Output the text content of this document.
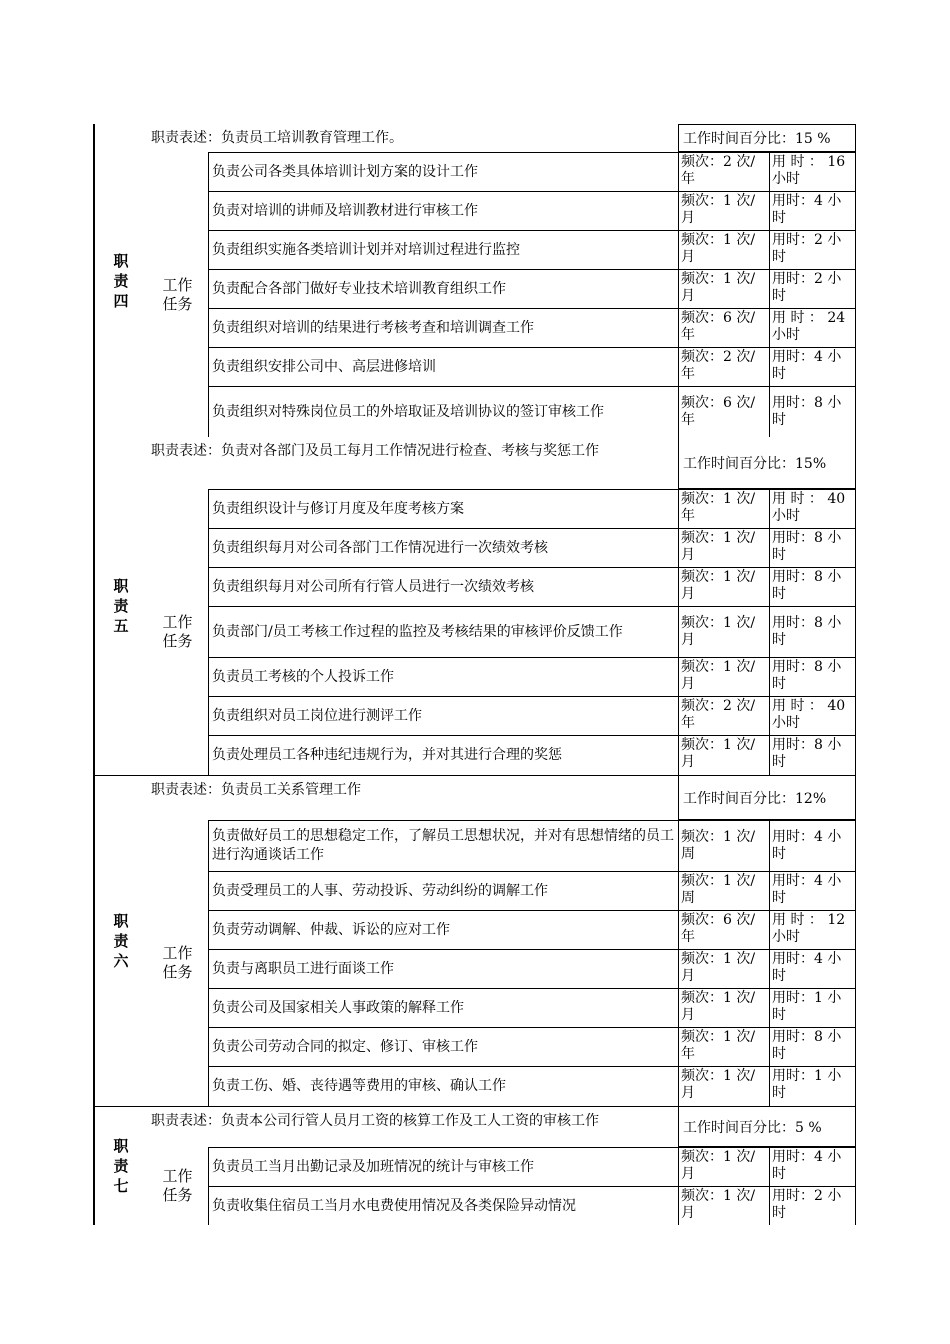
职责四
职责表述：负责员工培训教育管理工作。	工作时间百分比：15 %
工作任务
负责公司各类具体培训计划方案的设计工作
频次：2 次/年
用 时 ： 16 小时
负责对培训的讲师及培训教材进行审核工作
频次：1 次/月
用时：4 小时
负责组织实施各类培训计划并对培训过程进行监控
频次：1 次/月
用时：2 小时
负责配合各部门做好专业技术培训教育组织工作
频次：1 次/月
用时：2 小时
负责组织对培训的结果进行考核考查和培训调查工作
频次：6 次/年
用 时 ： 24 小时
负责组织安排公司中、高层进修培训
频次：2 次/年
用时：4 小时
负责组织对特殊岗位员工的外培取证及培训协议的签订审核工作
频次：6 次/年
用时：8 小时
职责五
职责表述：负责对各部门及员工每月工作情况进行检查、考核与奖惩工作
工作时间百分比：15%
工作任务
负责组织设计与修订月度及年度考核方案
频次：1 次/年
用 时 ： 40 小时
负责组织每月对公司各部门工作情况进行一次绩效考核
频次：1 次/月
用时：8 小时
负责组织每月对公司所有行管人员进行一次绩效考核
频次：1 次/月
用时：8 小时
负责部门/员工考核工作过程的监控及考核结果的审核评价反馈工作
频次：1 次/月
用时：8 小时
负责员工考核的个人投诉工作
频次：1 次/月
用时：8 小时
负责组织对员工岗位进行测评工作
频次：2 次/年
用 时 ： 40 小时
负责处理员工各种违纪违规行为，并对其进行合理的奖惩
频次：1 次/月
用时：8 小时
职责六
职责表述：负责员工关系管理工作
工作时间百分比：12%
工作任务
负责做好员工的思想稳定工作，了解员工思想状况，并对有思想情绪的员工进行沟通谈话工作
频次：1 次/周
用时：4 小时
负责受理员工的人事、劳动投诉、劳动纠纷的调解工作
频次：1 次/周
用时：4 小时
负责劳动调解、仲裁、诉讼的应对工作
频次：6 次/年
用 时 ： 12 小时
负责与离职员工进行面谈工作
频次：1 次/月
用时：4 小时
负责公司及国家相关人事政策的解释工作
频次：1 次/月
用时：1 小时
负责公司劳动合同的拟定、修订、审核工作
频次：1 次/年
用时：8 小时
负责工伤、婚、丧待遇等费用的审核、确认工作
频次：1 次/月
用时：1 小时
职责七
职责表述：负责本公司行管人员月工资的核算工作及工人工资的审核工作	工作时间百分比：5 %
工作任务
负责员工当月出勤记录及加班情况的统计与审核工作
频次：1 次/月
用时：4 小时
负责收集住宿员工当月水电费使用情况及各类保险异动情况
频次：1 次/月
用时：2 小时
